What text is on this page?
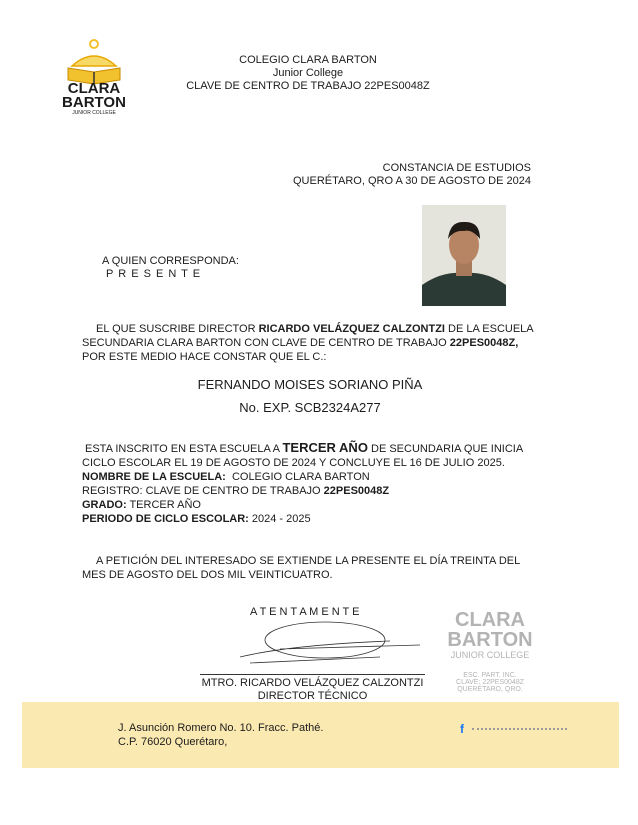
CLARA
BARTON
JUNIOR COLLEGE
COLEGIO CLARA BARTON
Junior College
CLAVE DE CENTRO DE TRABAJO 22PES0048Z
CONSTANCIA DE ESTUDIOS
QUERÉTARO, QRO A 30 DE AGOSTO DE 2024
A QUIEN CORRESPONDA:
P R E S E N T E
EL QUE SUSCRIBE DIRECTOR RICARDO VELÁZQUEZ CALZONTZI DE LA ESCUELA
SECUNDARIA CLARA BARTON CON CLAVE DE CENTRO DE TRABAJO 22PES0048Z,
POR ESTE MEDIO HACE CONSTAR QUE EL C.:
FERNANDO MOISES SORIANO PIÑA
No. EXP. SCB2324A277
ESTA INSCRITO EN ESTA ESCUELA A TERCER AÑO DE SECUNDARIA QUE INICIA
CICLO ESCOLAR EL 19 DE AGOSTO DE 2024 Y CONCLUYE EL 16 DE JULIO 2025.
NOMBRE DE LA ESCUELA:  COLEGIO CLARA BARTON
REGISTRO: CLAVE DE CENTRO DE TRABAJO 22PES0048Z
GRADO: TERCER AÑO
PERIODO DE CICLO ESCOLAR: 2024 - 2025
A PETICIÓN DEL INTERESADO SE EXTIENDE LA PRESENTE EL DÍA TREINTA DEL
MES DE AGOSTO DEL DOS MIL VEINTICUATRO.
CLARA
BARTON
JUNIOR COLLEGE
ESC. PART. INC.
CLAVE: 22PES0048Z
QUERÉTARO, QRO.
A T E N T A M E N T E
MTRO. RICARDO VELÁZQUEZ CALZONTZI
DIRECTOR TÉCNICO
J. Asunción Romero No. 10. Fracc. Pathé.
C.P. 76020 Querétaro,
f
